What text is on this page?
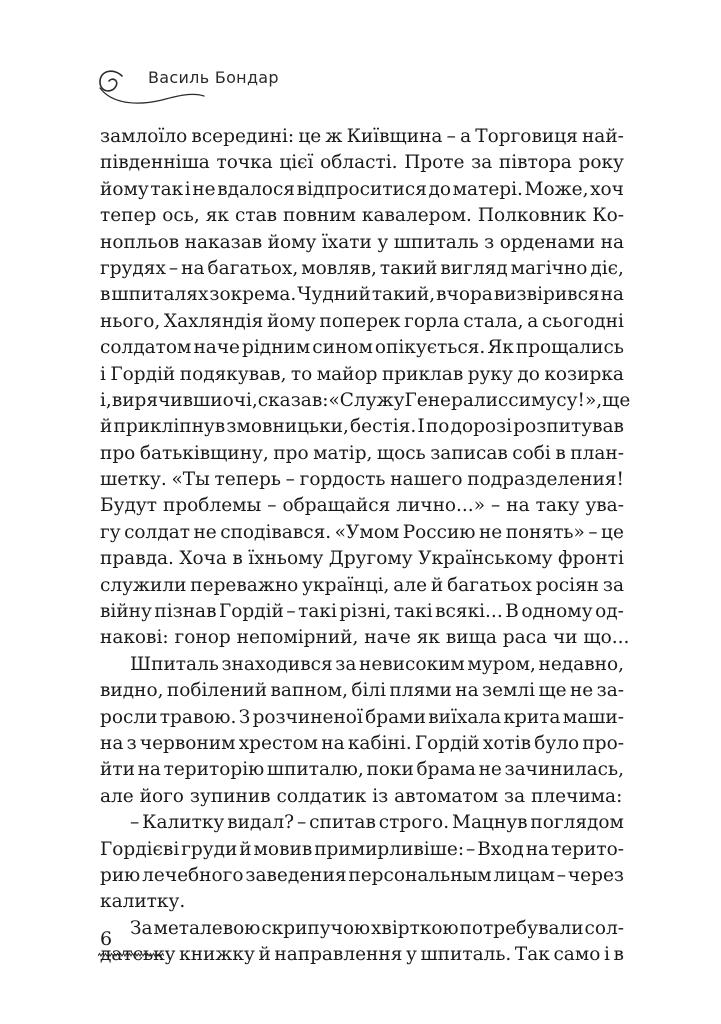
Василь Бондар
замлоїло всередині: це ж Київщина – а Торговиця най-
південніша точка цієї області. Проте за півтора року
йому так і не вдалося відпроситися до матері. Може, хоч
тепер ось, як став повним кавалером. Полковник Ко-
нопльов наказав йому їхати у шпиталь з орденами на
грудях – на багатьох, мовляв, такий вигляд магічно діє,
в шпиталях зокрема. Чудний такий, вчора визвірився на
нього, Хахляндія йому поперек горла стала, а сьогодні
солдатом наче рідним сином опікується. Як прощались
і Гордій подякував, то майор приклав руку до козирка
і, вирячивши очі, сказав: «Служу Генералиссимусу!», ще
й приклiпнув змовницьки, бестія. І по дорозі розпитував
про батьківщину, про матір, щось записав собі в план-
шетку. «Ты теперь – гордость нашего подразделения!
Будут проблемы – обращайся лично...» – на таку ува-
гу солдат не сподівався. «Умом Россию не понять» – це
правда. Хоча в їхньому Другому Українському фронті
служили переважно українці, але й багатьох росіян за
війну пізнав Гордій – такі різні, такі всякі... В одному од-
накові: гонор непомірний, наче як вища раса чи що...
Шпиталь знаходився за невисоким муром, недавно,
видно, побілений вапном, білі плями на землі ще не за-
росли травою. З розчиненої брами виїхала крита маши-
на з червоним хрестом на кабіні. Гордій хотів було про-
йти на територію шпиталю, поки брама не зачинилась,
але його зупинив солдатик із автоматом за плечима:
– Калитку видал? – спитав строго. Мацнув поглядом
Гордієві груди й мовив примирливіше: – Вход на терито-
рию лечебного заведения персональным лицам – через
калитку.
За металевою скрипучою хвірткою потребували сол-
датську книжку й направлення у шпиталь. Так само і в
6
